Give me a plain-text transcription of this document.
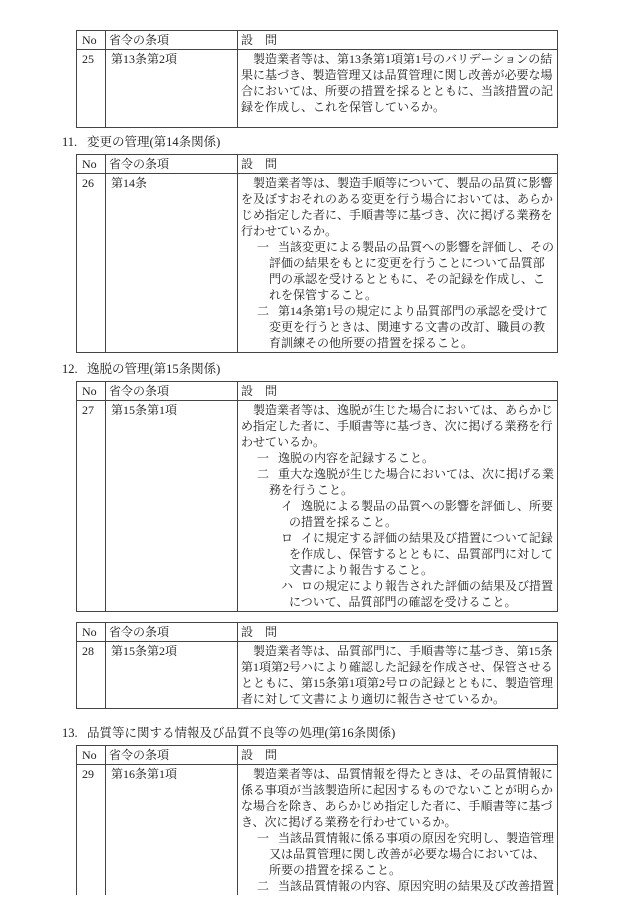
No	省令の条項	設　問
25	第13条第2項	　製造業者等は、第13条第1項第1号のバリデーションの結果に基づき、製造管理又は品質管理に関し改善が必要な場合においては、所要の措置を採るとともに、当該措置の記録を作成し、これを保管しているか。
11. 変更の管理(第14条関係)
No	省令の条項	設　問
26	第14条	　製造業者等は、製造手順等について、製品の品質に影響を及ぼすおそれのある変更を行う場合においては、あらかじめ指定した者に、手順書等に基づき、次に掲げる業務を行わせているか。
一 当該変更による製品の品質への影響を評価し、その評価の結果をもとに変更を行うことについて品質部門の承認を受けるとともに、その記録を作成し、これを保管すること。
二 第14条第1号の規定により品質部門の承認を受けて変更を行うときは、関連する文書の改訂、職員の教育訓練その他所要の措置を採ること。
12. 逸脱の管理(第15条関係)
No	省令の条項	設　問
27	第15条第1項	　製造業者等は、逸脱が生じた場合においては、あらかじめ指定した者に、手順書等に基づき、次に掲げる業務を行わせているか。
一 逸脱の内容を記録すること。
二 重大な逸脱が生じた場合においては、次に掲げる業務を行うこと。
イ 逸脱による製品の品質への影響を評価し、所要の措置を採ること。
ロ イに規定する評価の結果及び措置について記録を作成し、保管するとともに、品質部門に対して文書により報告すること。
ハ ロの規定により報告された評価の結果及び措置について、品質部門の確認を受けること。
No	省令の条項	設　問
28	第15条第2項	　製造業者等は、品質部門に、手順書等に基づき、第15条第1項第2号ハにより確認した記録を作成させ、保管させるとともに、第15条第1項第2号ロの記録とともに、製造管理者に対して文書により適切に報告させているか。
13. 品質等に関する情報及び品質不良等の処理(第16条関係)
No	省令の条項	設　問
29	第16条第1項	　製造業者等は、品質情報を得たときは、その品質情報に係る事項が当該製造所に起因するものでないことが明らかな場合を除き、あらかじめ指定した者に、手順書等に基づき、次に掲げる業務を行わせているか。
一 当該品質情報に係る事項の原因を究明し、製造管理又は品質管理に関し改善が必要な場合においては、所要の措置を採ること。
二 当該品質情報の内容、原因究明の結果及び改善措置
